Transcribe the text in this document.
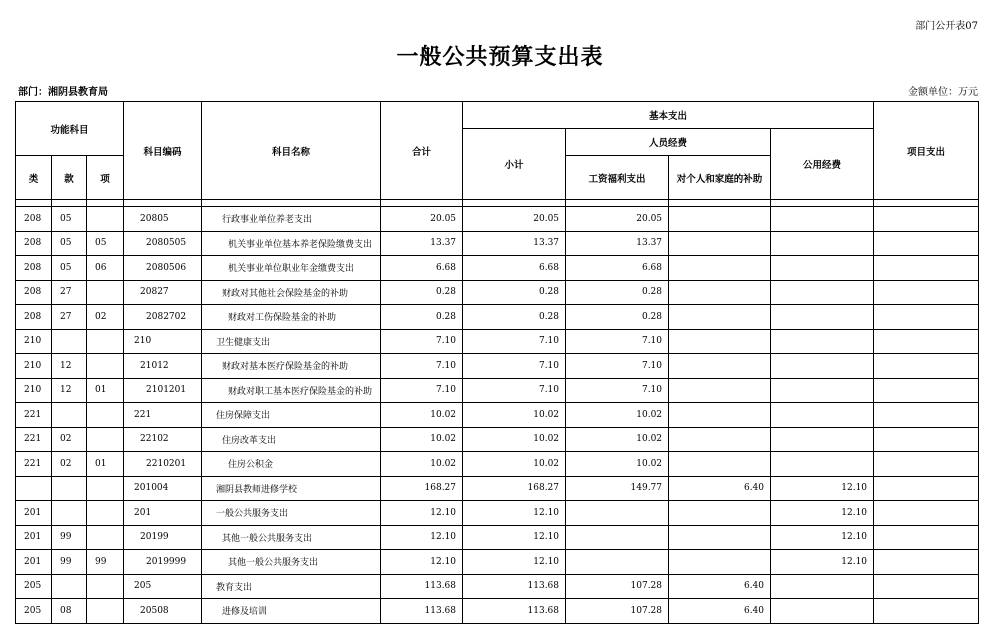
部门公开表07
一般公共预算支出表
部门：湘阴县教育局	金额单位：万元
功能科目			科目编码	科目名称	合计	基本支出				项目支出
						小计	人员经费		公用经费	
类	款	项					工资福利支出	对个人和家庭的补助		

208	05		20805	行政事业单位养老支出	20.05	20.05	20.05			
208	05	05	2080505	机关事业单位基本养老保险缴费支出	13.37	13.37	13.37			
208	05	06	2080506	机关事业单位职业年金缴费支出	6.68	6.68	6.68			
208	27		20827	财政对其他社会保险基金的补助	0.28	0.28	0.28			
208	27	02	2082702	财政对工伤保险基金的补助	0.28	0.28	0.28			
210			210	卫生健康支出	7.10	7.10	7.10			
210	12		21012	财政对基本医疗保险基金的补助	7.10	7.10	7.10			
210	12	01	2101201	财政对职工基本医疗保险基金的补助	7.10	7.10	7.10			
221			221	住房保障支出	10.02	10.02	10.02			
221	02		22102	住房改革支出	10.02	10.02	10.02			
221	02	01	2210201	住房公积金	10.02	10.02	10.02			
			201004	湘阴县教师进修学校	168.27	168.27	149.77	6.40	12.10	
201			201	一般公共服务支出	12.10	12.10			12.10	
201	99		20199	其他一般公共服务支出	12.10	12.10			12.10	
201	99	99	2019999	其他一般公共服务支出	12.10	12.10			12.10	
205			205	教育支出	113.68	113.68	107.28	6.40		
205	08		20508	进修及培训	113.68	113.68	107.28	6.40		
